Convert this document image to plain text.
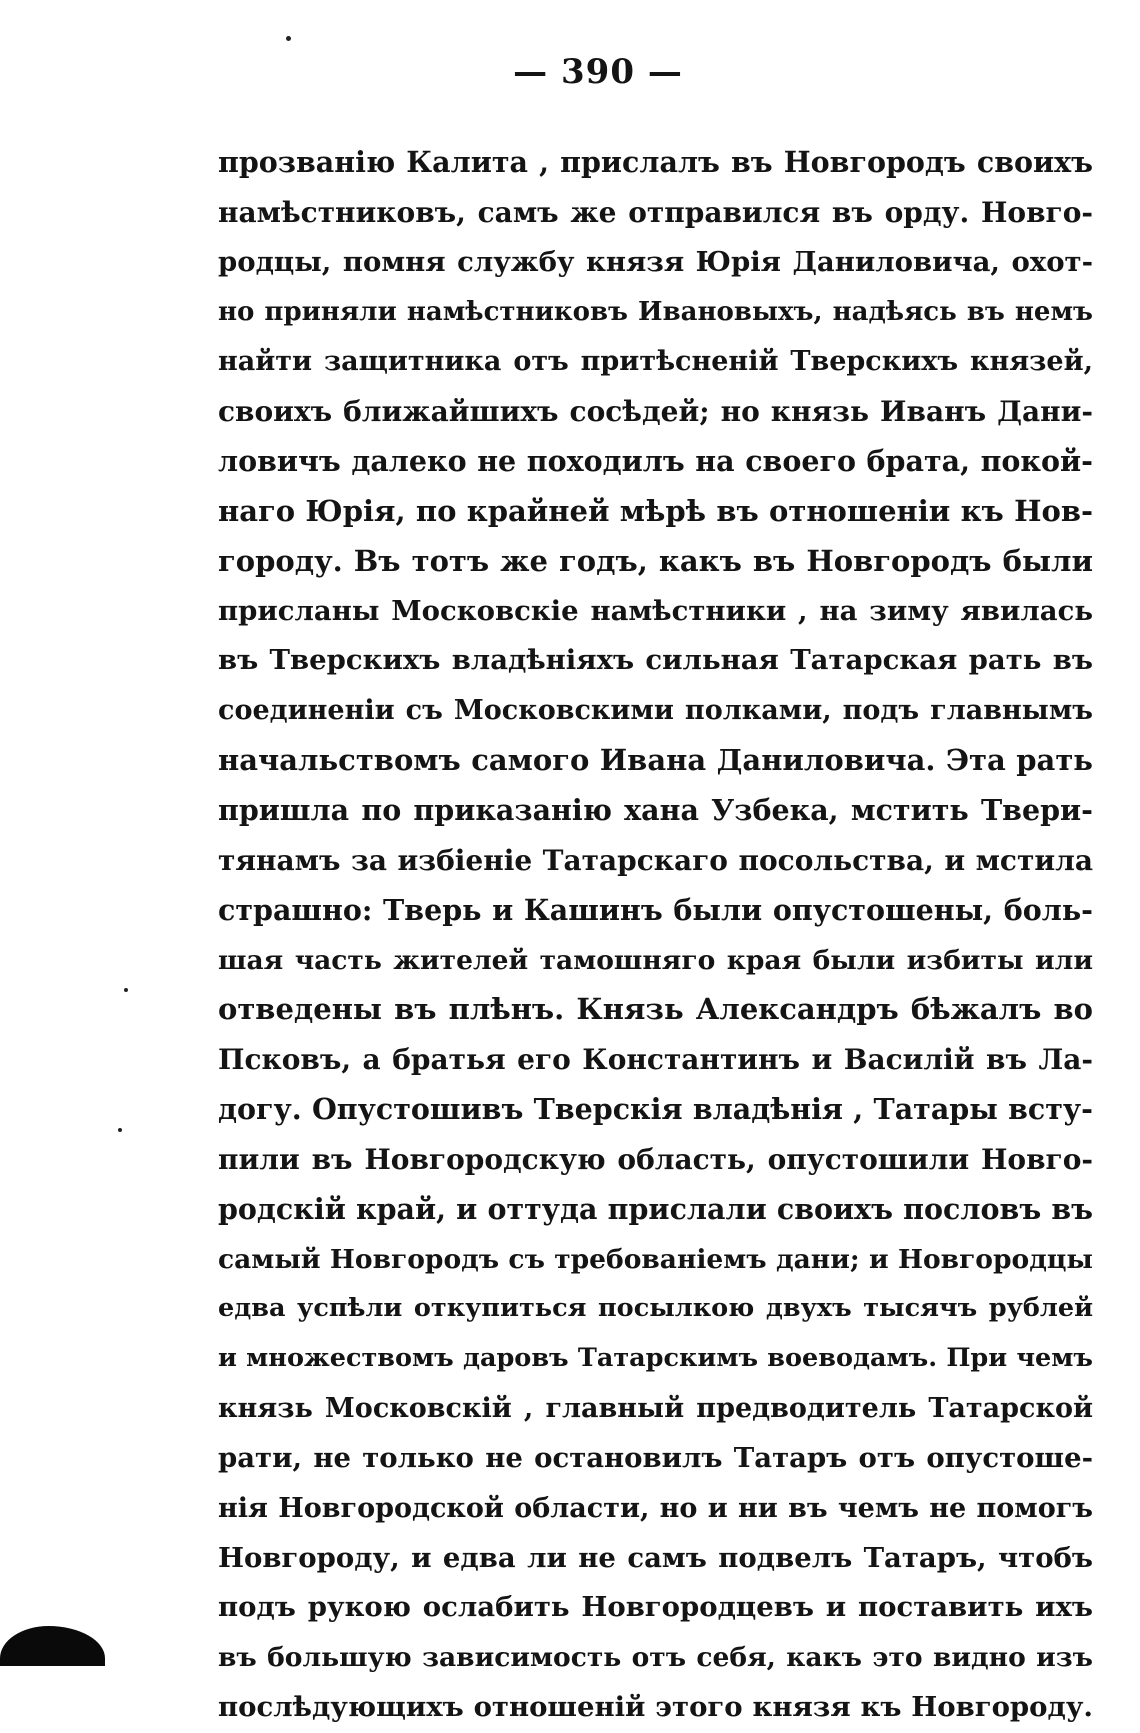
— 390 —
прозванію Калита , прислалъ въ Новгородъ своихъ
намѣстниковъ, самъ же отправился въ орду. Новго-
родцы, помня службу князя Юрія Даниловича, охот-
но приняли намѣстниковъ Ивановыхъ, надѣясь въ немъ
найти защитника отъ притѣсненій Тверскихъ князей,
своихъ ближайшихъ сосѣдей; но князь Иванъ Дани-
ловичъ далеко не походилъ на своего брата, покой-
наго Юрія, по крайней мѣрѣ въ отношеніи къ Нов-
городу. Въ тотъ же годъ, какъ въ Новгородъ были
присланы Московскіе намѣстники , на зиму явилась
въ Тверскихъ владѣніяхъ сильная Татарская рать въ
соединеніи съ Московскими полками, подъ главнымъ
начальствомъ самого Ивана Даниловича. Эта рать
пришла по приказанію хана Узбека, мстить Твери-
тянамъ за избіеніе Татарскаго посольства, и мстила
страшно: Тверь и Кашинъ были опустошены, боль-
шая часть жителей тамошняго края были избиты или
отведены въ плѣнъ. Князь Александръ бѣжалъ во
Псковъ, а братья его Константинъ и Василій въ Ла-
догу. Опустошивъ Тверскія владѣнія , Татары всту-
пили въ Новгородскую область, опустошили Новго-
родскій край, и оттуда прислали своихъ пословъ въ
самый Новгородъ съ требованіемъ дани; и Новгородцы
едва успѣли откупиться посылкою двухъ тысячъ рублей
и множествомъ даровъ Татарскимъ воеводамъ. При чемъ
князь Московскій , главный предводитель Татарской
рати, не только не остановилъ Татаръ отъ опустоше-
нія Новгородской области, но и ни въ чемъ не помогъ
Новгороду, и едва ли не самъ подвелъ Татаръ, чтобъ
подъ рукою ослабить Новгородцевъ и поставить ихъ
въ большую зависимость отъ себя, какъ это видно изъ
послѣдующихъ отношеній этого князя къ Новгороду.
